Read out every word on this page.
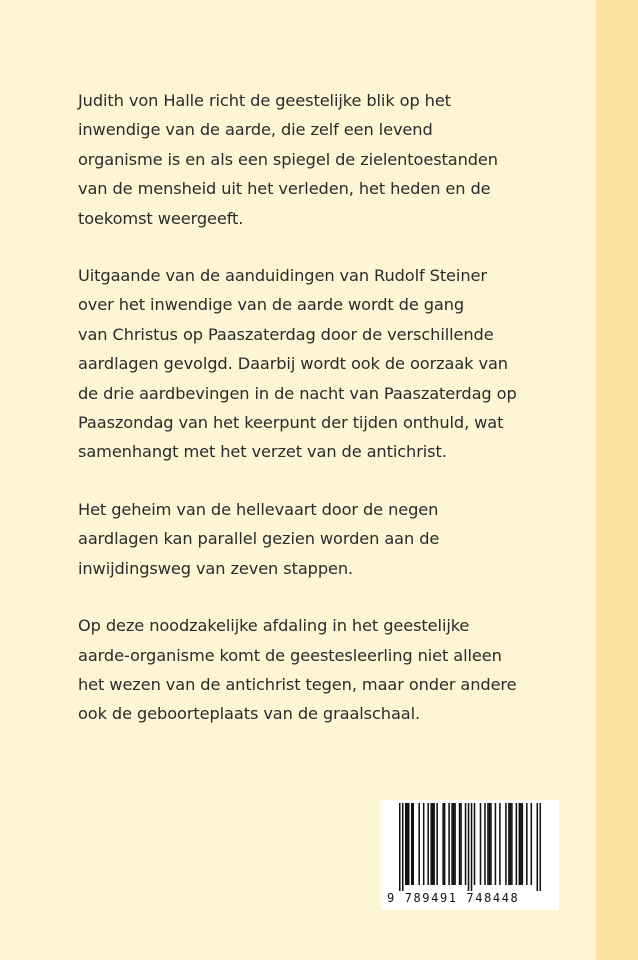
Judith von Halle richt de geestelijke blik op het
inwendige van de aarde, die zelf een levend
organisme is en als een spiegel de zielentoestanden
van de mensheid uit het verleden, het heden en de
toekomst weergeeft.

Uitgaande van de aanduidingen van Rudolf Steiner
over het inwendige van de aarde wordt de gang
van Christus op Paaszaterdag door de verschillende
aardlagen gevolgd. Daarbij wordt ook de oorzaak van
de drie aardbevingen in de nacht van Paaszaterdag op
Paaszondag van het keerpunt der tijden onthuld, wat
samenhangt met het verzet van de antichrist.

Het geheim van de hellevaart door de negen
aardlagen kan parallel gezien worden aan de
inwijdingsweg van zeven stappen.

Op deze noodzakelijke afdaling in het geestelijke
aarde-organisme komt de geestesleerling niet alleen
het wezen van de antichrist tegen, maar onder andere
ook de geboorteplaats van de graalschaal.

9 789491 748448
